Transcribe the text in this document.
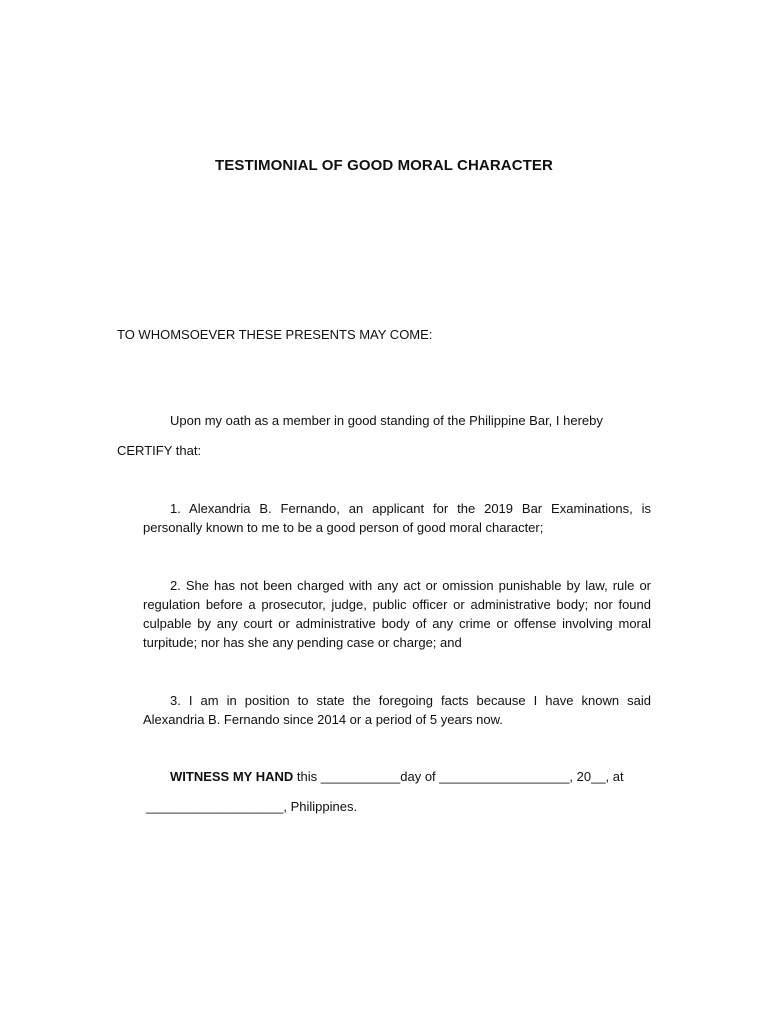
TESTIMONIAL OF GOOD MORAL CHARACTER
TO WHOMSOEVER THESE PRESENTS MAY COME:
Upon my oath as a member in good standing of the Philippine Bar, I hereby
CERTIFY that:
1. Alexandria B. Fernando, an applicant for the 2019 Bar Examinations, is personally known to me to be a good person of good moral character;
2. She has not been charged with any act or omission punishable by law, rule or regulation before a prosecutor, judge, public officer or administrative body; nor found culpable by any court or administrative body of any crime or offense involving moral turpitude; nor has she any pending case or charge; and
3. I am in position to state the foregoing facts because I have known said Alexandria B. Fernando since 2014 or a period of 5 years now.
WITNESS MY HAND this ___________day of __________________, 20__, at
___________________, Philippines.
